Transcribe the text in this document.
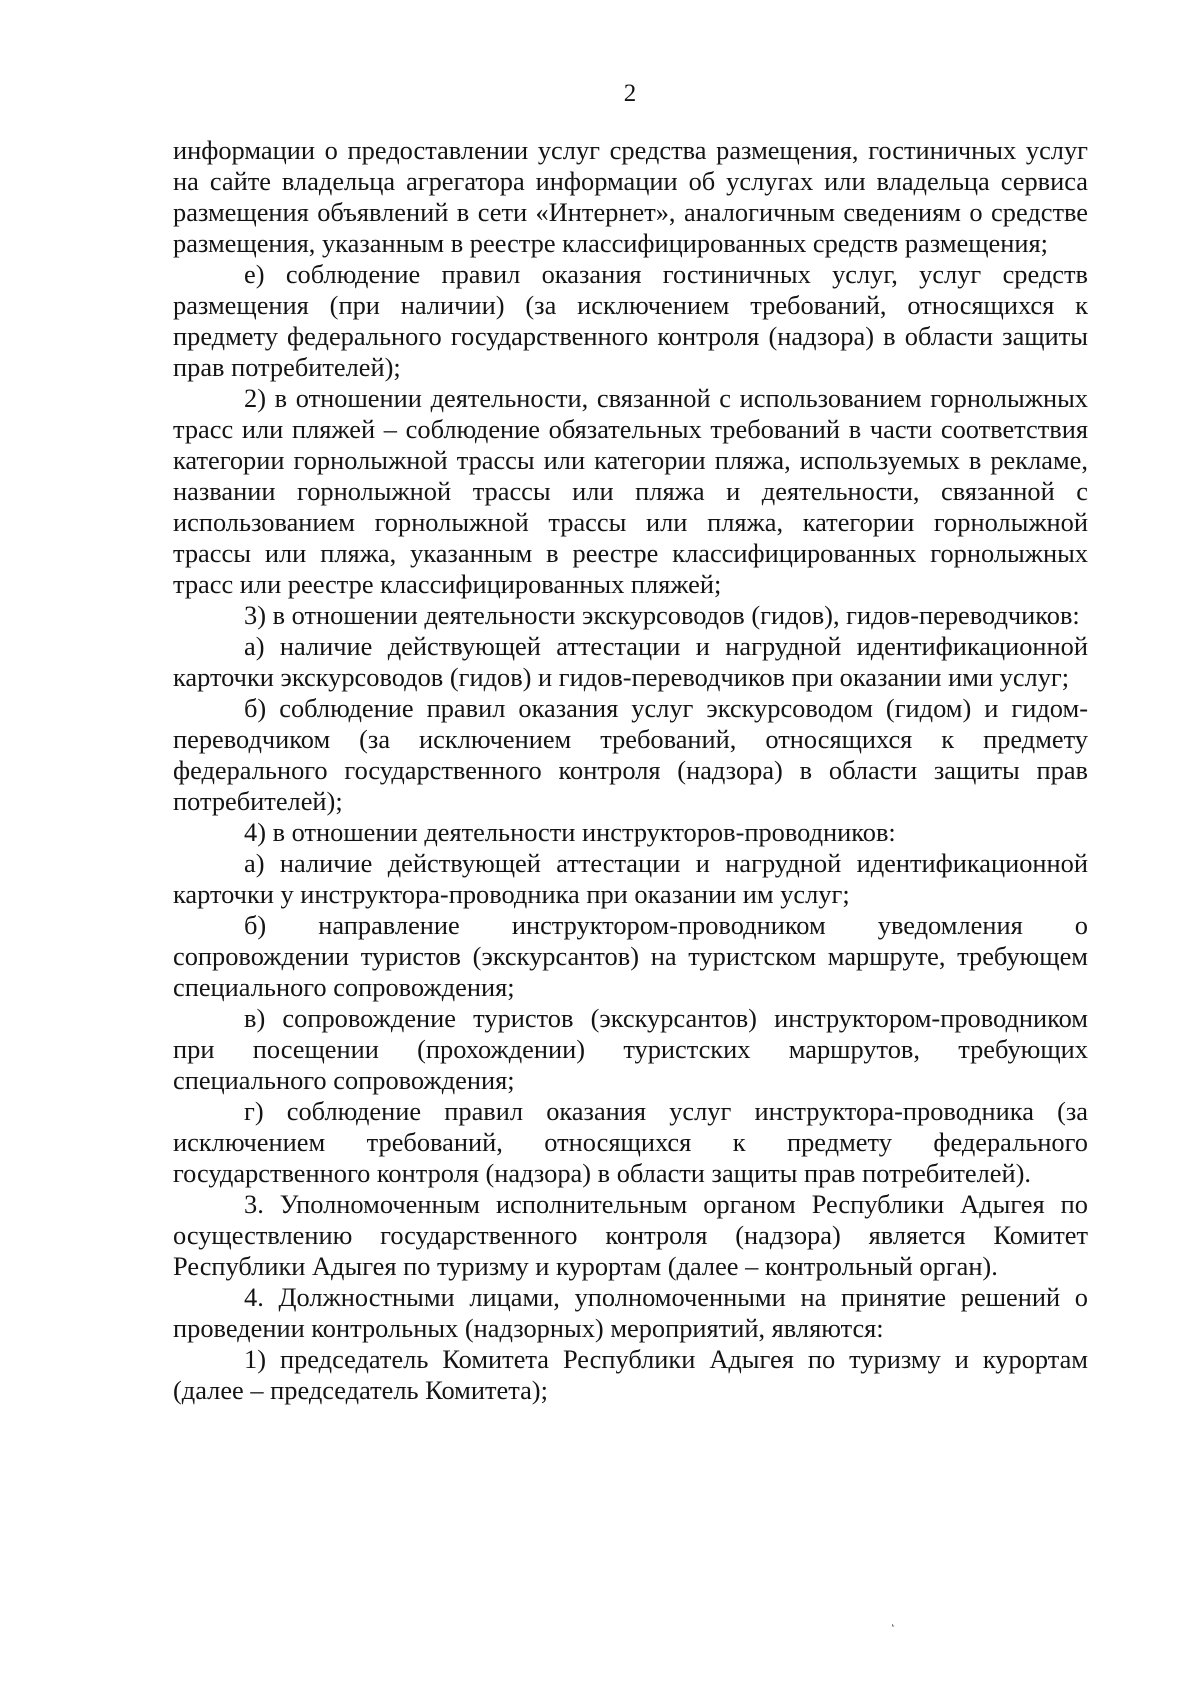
2

информации о предоставлении услуг средства размещения, гостиничных услуг на сайте владельца агрегатора информации об услугах или владельца сервиса размещения объявлений в сети «Интернет», аналогичным сведениям о средстве размещения, указанным в реестре классифицированных средств размещения;

е) соблюдение правил оказания гостиничных услуг, услуг средств размещения (при наличии) (за исключением требований, относящихся к предмету федерального государственного контроля (надзора) в области защиты прав потребителей);

2) в отношении деятельности, связанной с использованием горнолыжных трасс или пляжей – соблюдение обязательных требований в части соответствия категории горнолыжной трассы или категории пляжа, используемых в рекламе, названии горнолыжной трассы или пляжа и деятельности, связанной с использованием горнолыжной трассы или пляжа, категории горнолыжной трассы или пляжа, указанным в реестре классифицированных горнолыжных трасс или реестре классифицированных пляжей;

3) в отношении деятельности экскурсоводов (гидов), гидов-переводчиков:

а) наличие действующей аттестации и нагрудной идентификационной карточки экскурсоводов (гидов) и гидов-переводчиков при оказании ими услуг;

б) соблюдение правил оказания услуг экскурсоводом (гидом) и гидом-переводчиком (за исключением требований, относящихся к предмету федерального государственного контроля (надзора) в области защиты прав потребителей);

4) в отношении деятельности инструкторов-проводников:

а) наличие действующей аттестации и нагрудной идентификационной карточки у инструктора-проводника при оказании им услуг;

б) направление инструктором-проводником уведомления о сопровождении туристов (экскурсантов) на туристском маршруте, требующем специального сопровождения;

в) сопровождение туристов (экскурсантов) инструктором-проводником при посещении (прохождении) туристских маршрутов, требующих специального сопровождения;

г) соблюдение правил оказания услуг инструктора-проводника (за исключением требований, относящихся к предмету федерального государственного контроля (надзора) в области защиты прав потребителей).

3. Уполномоченным исполнительным органом Республики Адыгея по осуществлению государственного контроля (надзора) является Комитет Республики Адыгея по туризму и курортам (далее – контрольный орган).

4. Должностными лицами, уполномоченными на принятие решений о проведении контрольных (надзорных) мероприятий, являются:

1) председатель Комитета Республики Адыгея по туризму и курортам (далее – председатель Комитета);

˛
